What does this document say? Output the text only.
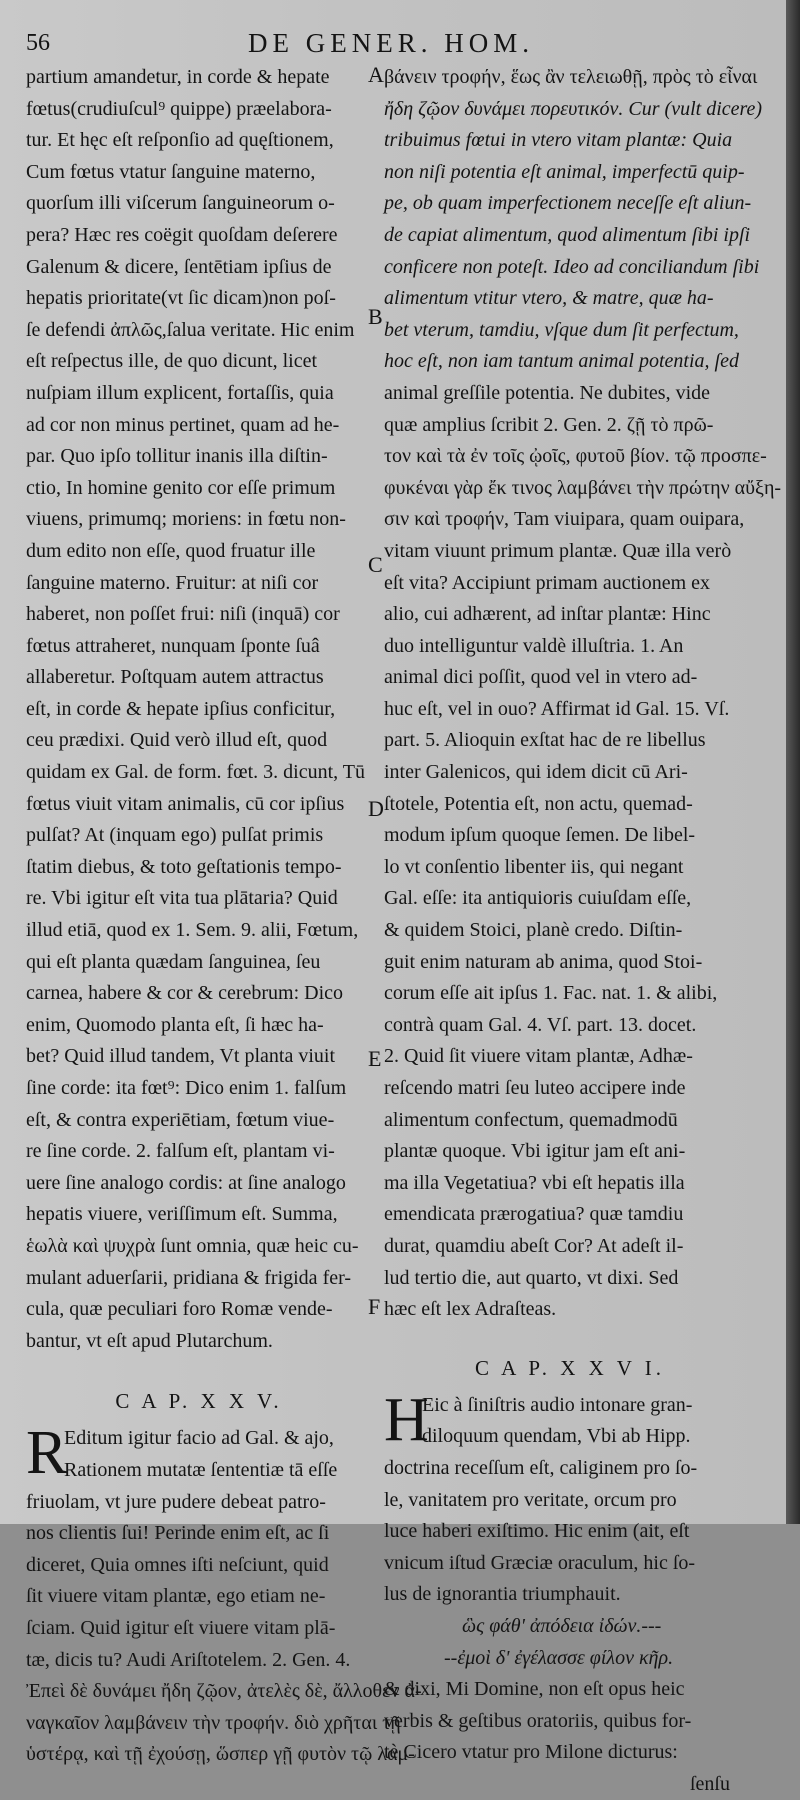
56	DE GENER. HOM.
A
B
C
D
E
F
partium amandetur, in corde & hepate
fœtus(crudiuſcul⁹ quippe) præelabora-
tur. Et hęc eſt reſponſio ad quęſtionem,
Cum fœtus vtatur ſanguine materno,
quorſum illi viſcerum ſanguineorum o-
pera? Hæc res coëgit quoſdam deſerere
Galenum & dicere, ſentētiam ipſius de
hepatis prioritate(vt ſic dicam)non poſ-
ſe defendi ἀπλῶς,ſalua veritate. Hic enim
eſt reſpectus ille, de quo dicunt, licet
nuſpiam illum explicent, fortaſſis, quia
ad cor non minus pertinet, quam ad he-
par. Quo ipſo tollitur inanis illa diſtin-
ctio, In homine genito cor eſſe primum
viuens, primumq; moriens: in fœtu non-
dum edito non eſſe, quod fruatur ille
ſanguine materno. Fruitur: at niſi cor
haberet, non poſſet frui: niſi (inquā) cor
fœtus attraheret, nunquam ſponte ſuâ
allaberetur. Poſtquam autem attractus
eſt, in corde & hepate ipſius conficitur,
ceu prædixi. Quid verò illud eſt, quod
quidam ex Gal. de form. fœt. 3. dicunt, Tū
fœtus viuit vitam animalis, cū cor ipſius
pulſat? At (inquam ego) pulſat primis
ſtatim diebus, & toto geſtationis tempo-
re. Vbi igitur eſt vita tua plātaria? Quid
illud etiā, quod ex 1. Sem. 9. alii, Fœtum,
qui eſt planta quædam ſanguinea, ſeu
carnea, habere & cor & cerebrum: Dico
enim, Quomodo planta eſt, ſi hæc ha-
bet? Quid illud tandem, Vt planta viuit
ſine corde: ita fœt⁹: Dico enim 1. falſum
eſt, & contra experiētiam, fœtum viue-
re ſine corde. 2. falſum eſt, plantam vi-
uere ſine analogo cordis: at ſine analogo
hepatis viuere, veriſſimum eſt. Summa,
ἑωλὰ καὶ ψυχρὰ ſunt omnia, quæ heic cu-
mulant aduerſarii, pridiana & frigida fer-
cula, quæ peculiari foro Romæ vende-
bantur, vt eſt apud Plutarchum.
C A P. X X V.
R
Editum igitur facio ad Gal. & ajo,
Rationem mutatæ ſententiæ tā eſſe
friuolam, vt jure pudere debeat patro-
nos clientis ſui! Perinde enim eſt, ac ſi
diceret, Quia omnes iſti neſciunt, quid
ſit viuere vitam plantæ, ego etiam ne-
ſciam. Quid igitur eſt viuere vitam plā-
tæ, dicis tu? Audi Ariſtotelem. 2. Gen. 4.
Ἐπεὶ δὲ δυνάμει ἤδη ζῷον, ἀτελὲς δὲ, ἄλλοθεν ἀ-
ναγκαῖον λαμβάνειν τὴν τροφήν. διὸ χρῆται τῇ
ὑστέρᾳ, καὶ τῇ ἐχούσῃ, ὥσπερ γῇ φυτὸν τῷ λαμ-
βάνειν τροφήν, ἕως ἂν τελειωθῇ, πρὸς τὸ εἶναι
ἤδη ζῷον δυνάμει πορευτικόν. Cur (vult dicere)
tribuimus fœtui in vtero vitam plantæ: Quia
non niſi potentia eſt animal, imperfectū quip-
pe, ob quam imperfectionem neceſſe eſt aliun-
de capiat alimentum, quod alimentum ſibi ipſi
conficere non poteſt. Ideo ad conciliandum ſibi
alimentum vtitur vtero, & matre, quæ ha-
bet vterum, tamdiu, vſque dum ſit perfectum,
hoc eſt, non iam tantum animal potentia, ſed
animal greſſile potentia. Ne dubites, vide
quæ amplius ſcribit 2. Gen. 2. ζῇ τὸ πρῶ-
τον καὶ τὰ ἐν τοῖς ᾠοῖς, φυτοῦ βίον. τῷ προσπε-
φυκέναι γὰρ ἔκ τινος λαμβάνει τὴν πρώτην αὔξη-
σιν καὶ τροφήν, Tam viuipara, quam ouipara,
vitam viuunt primum plantæ. Quæ illa verò
eſt vita? Accipiunt primam auctionem ex
alio, cui adhærent, ad inſtar plantæ: Hinc
duo intelliguntur valdè illuſtria. 1. An
animal dici poſſit, quod vel in vtero ad-
huc eſt, vel in ouo? Affirmat id Gal. 15. Vſ.
part. 5. Alioquin exſtat hac de re libellus
inter Galenicos, qui idem dicit cū Ari-
ſtotele, Potentia eſt, non actu, quemad-
modum ipſum quoque ſemen. De libel-
lo vt conſentio libenter iis, qui negant
Gal. eſſe: ita antiquioris cuiuſdam eſſe,
& quidem Stoici, planè credo. Diſtin-
guit enim naturam ab anima, quod Stoi-
corum eſſe ait ipſus 1. Fac. nat. 1. & alibi,
contrà quam Gal. 4. Vſ. part. 13. docet.
2. Quid ſit viuere vitam plantæ, Adhæ-
reſcendo matri ſeu luteo accipere inde
alimentum confectum, quemadmodū
plantæ quoque. Vbi igitur jam eſt ani-
ma illa Vegetatiua? vbi eſt hepatis illa
emendicata prærogatiua? quæ tamdiu
durat, quamdiu abeſt Cor? At adeſt il-
lud tertio die, aut quarto, vt dixi. Sed
hæc eſt lex Adraſteas.
C A P. X X V I.
H
Eic à ſiniſtris audio intonare gran-
diloquum quendam, Vbi ab Hipp.
doctrina receſſum eſt, caliginem pro ſo-
le, vanitatem pro veritate, orcum pro
luce haberi exiſtimo. Hic enim (ait, eſt
vnicum iſtud Græciæ oraculum, hic ſo-
lus de ignorantia triumphauit.
ὣς φάθ' ἀπόδεια ἰδών.---
--ἐμοὶ δ' ἐγέλασσε φίλον κῆρ.
& dixi, Mi Domine, non eſt opus heic
verbis & geſtibus oratoriis, quibus for-
tè Cicero vtatur pro Milone dicturus:
ſenſu
